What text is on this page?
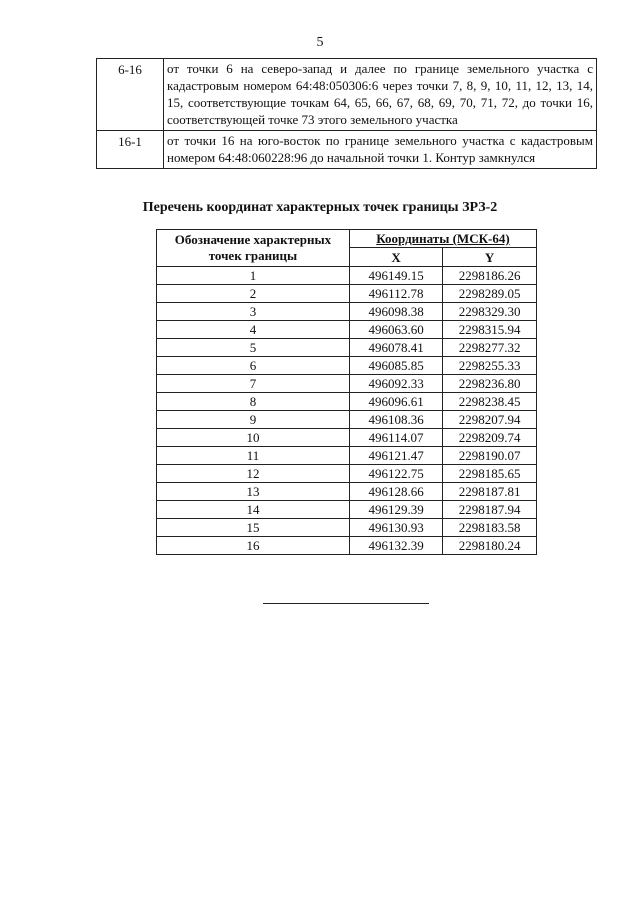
5
6-16	от точки 6 на северо-запад и далее по границе земельного участка с кадастровым номером 64:48:050306:6 через точки 7, 8, 9, 10, 11, 12, 13, 14, 15, соответствующие точкам 64, 65, 66, 67, 68, 69, 70, 71, 72, до точки 16, соответствующей точке 73 этого земельного участка
16-1	от точки 16 на юго-восток по границе земельного участка с кадастровым номером 64:48:060228:96 до начальной точки 1. Контур замкнулся
Перечень координат характерных точек границы ЗРЗ-2
Обозначение характерных точек границы	Координаты (МСК-64)	
	X	Y
1	496149.15	2298186.26
2	496112.78	2298289.05
3	496098.38	2298329.30
4	496063.60	2298315.94
5	496078.41	2298277.32
6	496085.85	2298255.33
7	496092.33	2298236.80
8	496096.61	2298238.45
9	496108.36	2298207.94
10	496114.07	2298209.74
11	496121.47	2298190.07
12	496122.75	2298185.65
13	496128.66	2298187.81
14	496129.39	2298187.94
15	496130.93	2298183.58
16	496132.39	2298180.24
